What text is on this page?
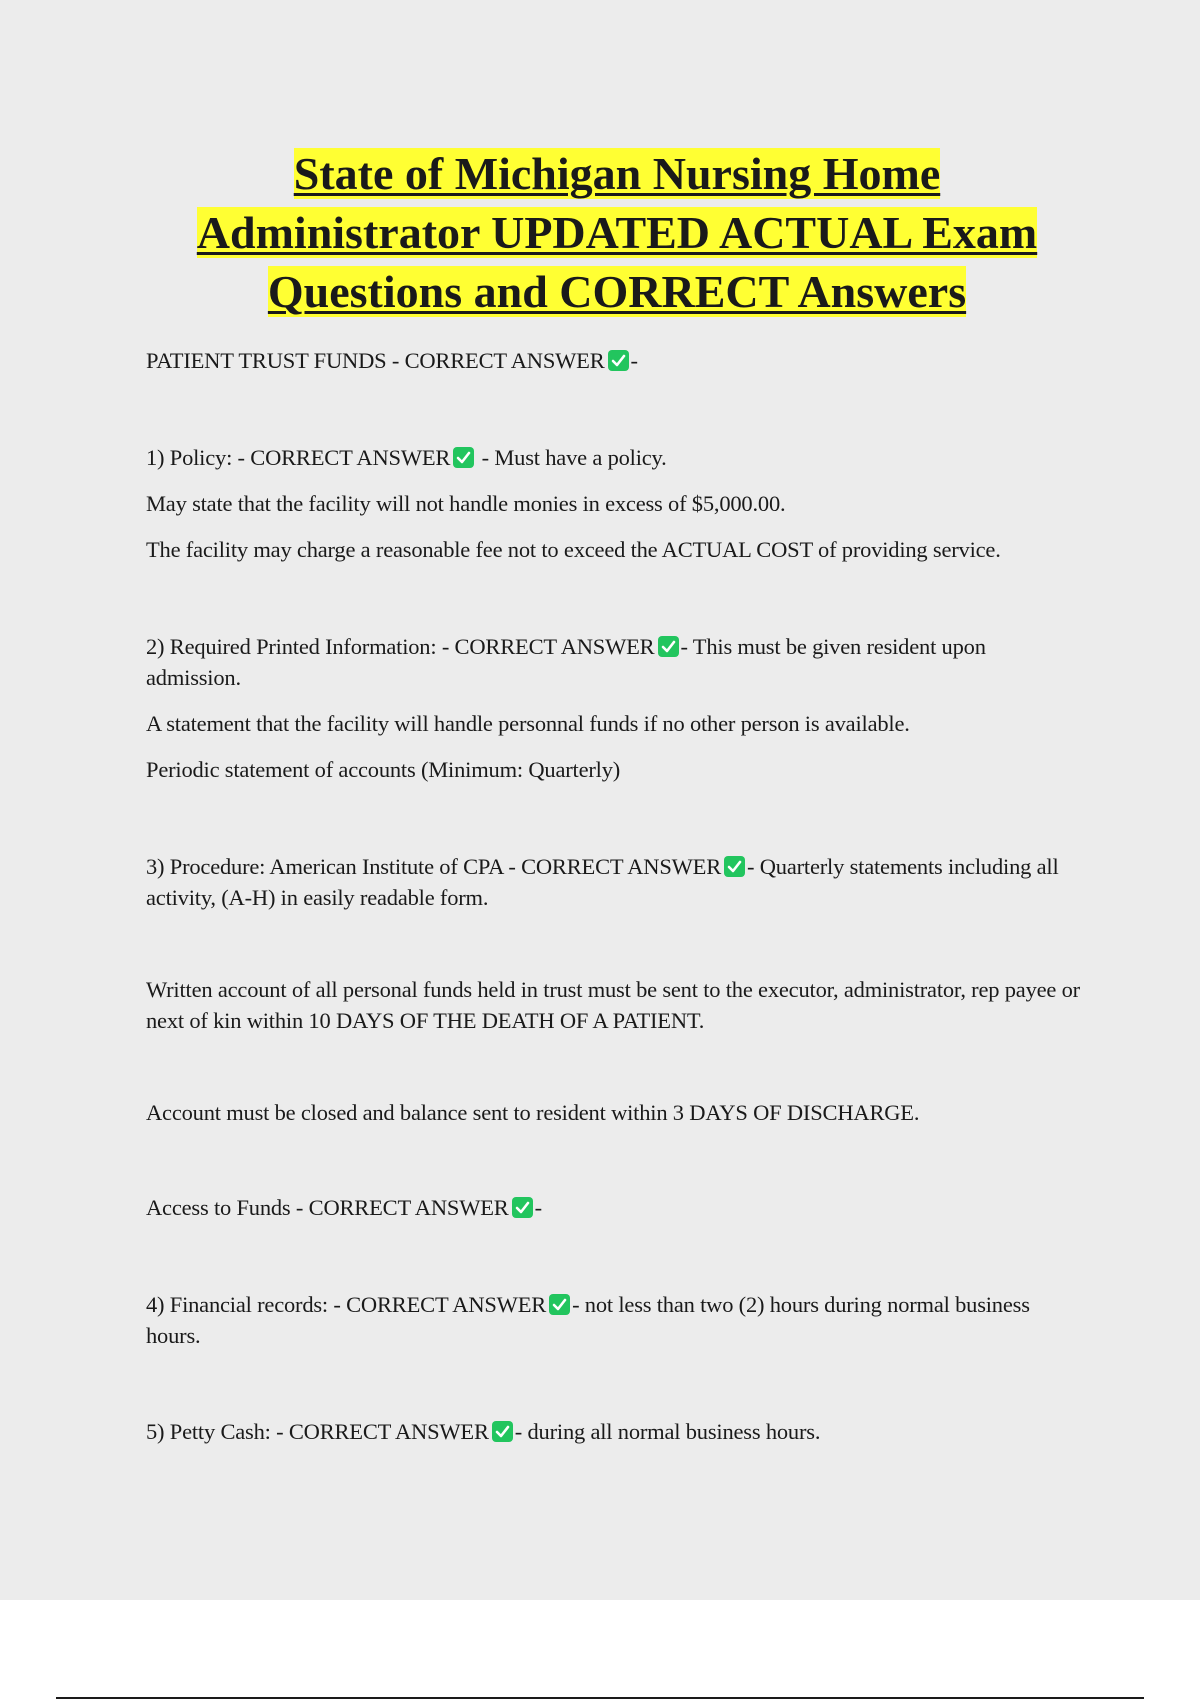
State of Michigan Nursing Home
Administrator UPDATED ACTUAL Exam
Questions and CORRECT Answers

PATIENT TRUST FUNDS - CORRECT ANSWER -

1) Policy: - CORRECT ANSWER - Must have a policy.

May state that the facility will not handle monies in excess of $5,000.00.

The facility may charge a reasonable fee not to exceed the ACTUAL COST of providing service.

2) Required Printed Information: - CORRECT ANSWER - This must be given resident upon admission.

A statement that the facility will handle personnal funds if no other person is available.

Periodic statement of accounts (Minimum: Quarterly)

3) Procedure: American Institute of CPA - CORRECT ANSWER - Quarterly statements including all activity, (A-H) in easily readable form.

Written account of all personal funds held in trust must be sent to the executor, administrator, rep payee or next of kin within 10 DAYS OF THE DEATH OF A PATIENT.

Account must be closed and balance sent to resident within 3 DAYS OF DISCHARGE.

Access to Funds - CORRECT ANSWER -

4) Financial records: - CORRECT ANSWER - not less than two (2) hours during normal business hours.

5) Petty Cash: - CORRECT ANSWER - during all normal business hours.
